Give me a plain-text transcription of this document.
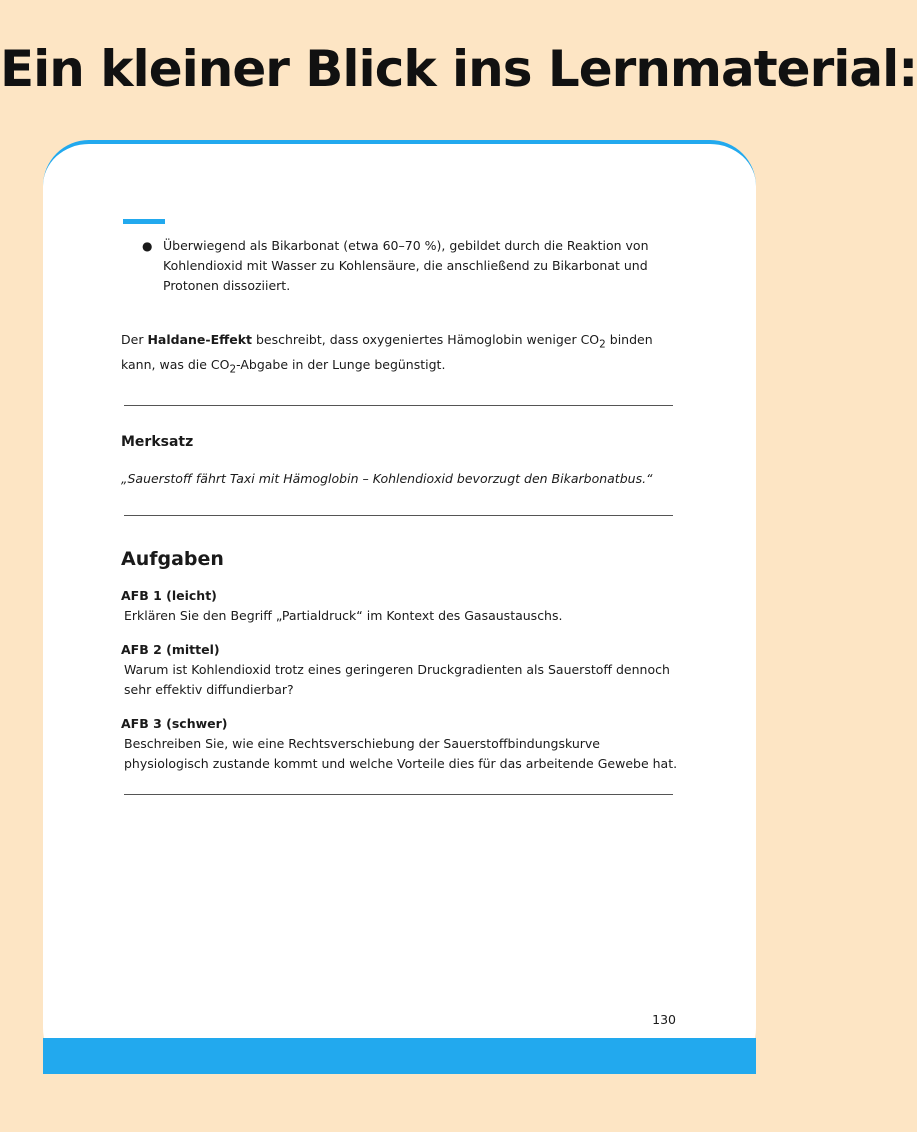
Ein kleiner Blick ins Lernmaterial:
● Überwiegend als Bikarbonat (etwa 60–70 %), gebildet durch die Reaktion von Kohlendioxid mit Wasser zu Kohlensäure, die anschließend zu Bikarbonat und Protonen dissoziiert.

Der Haldane-Effekt beschreibt, dass oxygeniertes Hämoglobin weniger $CO_2$ binden kann, was die $CO_2$-Abgabe in der Lunge begünstigt.

Merksatz
„Sauerstoff fährt Taxi mit Hämoglobin – Kohlendioxid bevorzugt den Bikarbonatbus.“
Aufgaben
AFB 1 (leicht)
Erklären Sie den Begriff „Partialdruck“ im Kontext des Gasaustauschs.
AFB 2 (mittel)
Warum ist Kohlendioxid trotz eines geringeren Druckgradienten als Sauerstoff dennoch sehr effektiv diffundierbar?
AFB 3 (schwer)
Beschreiben Sie, wie eine Rechtsverschiebung der Sauerstoffbindungskurve physiologisch zustande kommt und welche Vorteile dies für das arbeitende Gewebe hat.
130
